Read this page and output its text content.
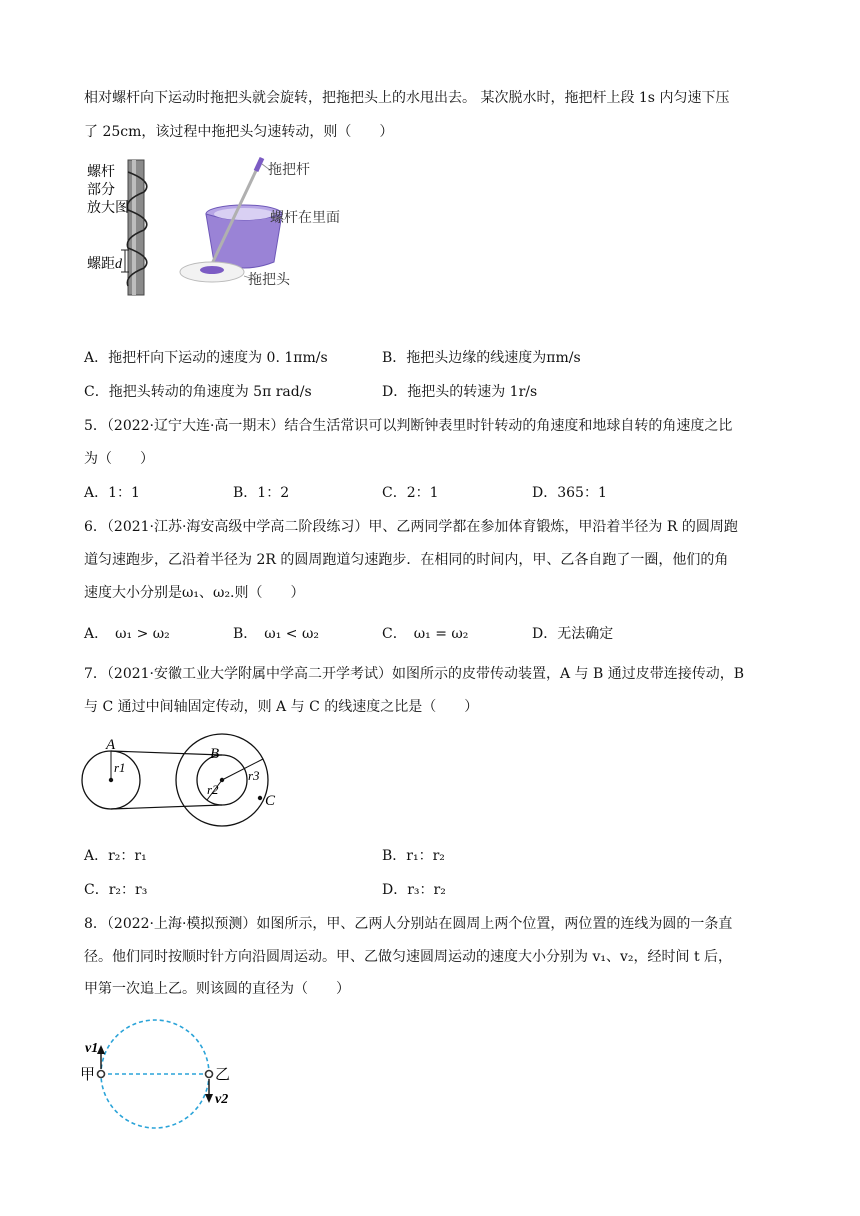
相对螺杆向下运动时拖把头就会旋转，把拖把头上的水甩出去。 某次脱水时，拖把杆上段 1s 内匀速下压
了 25cm，该过程中拖把头匀速转动，则（　　）
螺杆
部分
放大图
螺距 d
拖把杆
螺杆在里面
拖把头
A．拖把杆向下运动的速度为 0. 1πm/s	B．拖把头边缘的线速度为πm/s
C．拖把头转动的角速度为 5π rad/s	D．拖把头的转速为 1r/s
5．（2022·辽宁大连·高一期末）结合生活常识可以判断钟表里时针转动的角速度和地球自转的角速度之比
为（　　）
A．1：1	B．1：2	C．2：1	D．365：1
6．（2021·江苏·海安高级中学高二阶段练习）甲、乙两同学都在参加体育锻炼，甲沿着半径为 R 的圆周跑
道匀速跑步，乙沿着半径为 2R 的圆周跑道匀速跑步．在相同的时间内，甲、乙各自跑了一圈，他们的角
速度大小分别是ω₁、ω₂.则（　　）
A．　ω₁ > ω₂	B．　ω₁ < ω₂	C．　ω₁ = ω₂	D．无法确定
7．（2021·安徽工业大学附属中学高二开学考试）如图所示的皮带传动装置，A 与 B 通过皮带连接传动，B
与 C 通过中间轴固定传动，则 A 与 C 的线速度之比是（　　）
A
r1
B
r2
r3
C
A．r₂：r₁	B．r₁：r₂
C．r₂：r₃	D．r₃：r₂
8．（2022·上海·模拟预测）如图所示，甲、乙两人分别站在圆周上两个位置，两位置的连线为圆的一条直
径。他们同时按顺时针方向沿圆周运动。甲、乙做匀速圆周运动的速度大小分别为 v₁、v₂，经时间 t 后，
甲第一次追上乙。则该圆的直径为（　　）
v1
甲	乙
v2
